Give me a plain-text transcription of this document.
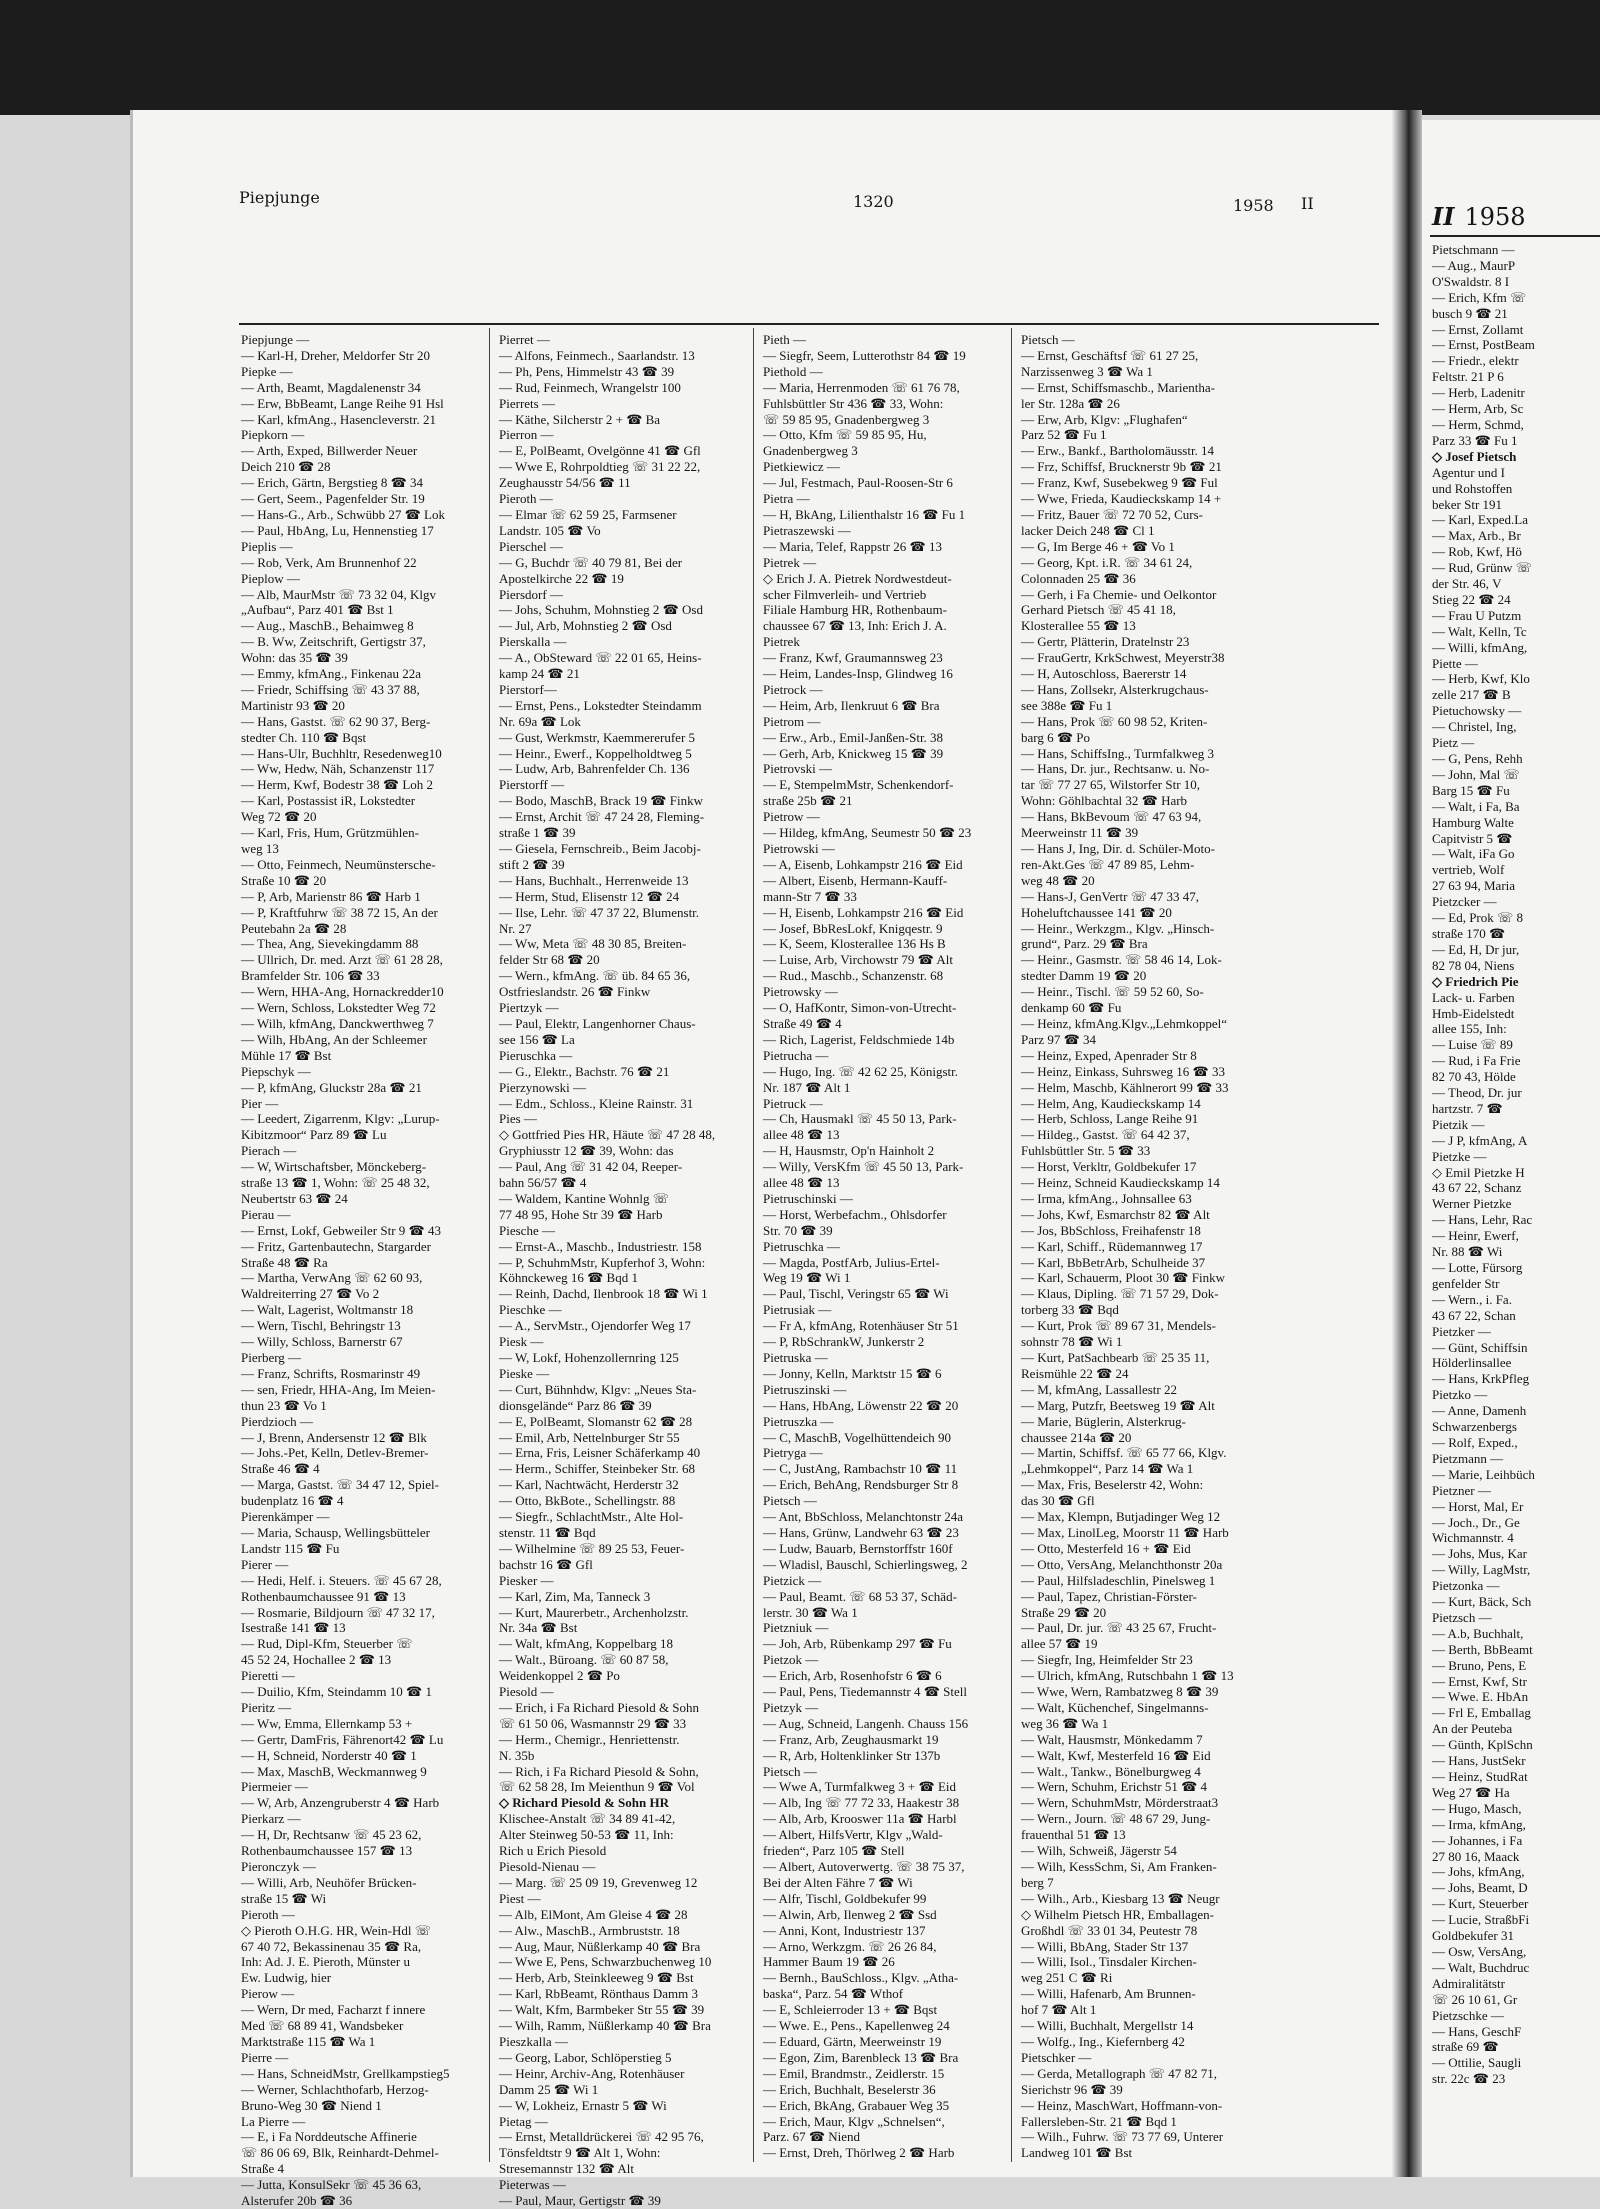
Piepjunge	1320	1958	II
Piepjunge —
— Karl-H, Dreher, Meldorfer Str 20
Piepke —
— Arth, Beamt, Magdalenenstr 34
— Erw, BbBeamt, Lange Reihe 91 Hsl
— Karl, kfmAng., Hasencleverstr. 21
Piepkorn —
— Arth, Exped, Billwerder Neuer
Deich 210 ☎ 28
— Erich, Gärtn, Bergstieg 8 ☎ 34
— Gert, Seem., Pagenfelder Str. 19
— Hans-G., Arb., Schwübb 27 ☎ Lok
— Paul, HbAng, Lu, Hennenstieg 17
Pieplis —
— Rob, Verk, Am Brunnenhof 22
Pieplow —
— Alb, MaurMstr ☏ 73 32 04, Klgv
„Aufbau“, Parz 401 ☎ Bst 1
— Aug., MaschB., Behaimweg 8
— B. Ww, Zeitschrift, Gertigstr 37,
Wohn: das 35 ☎ 39
— Emmy, kfmAng., Finkenau 22a
— Friedr, Schiffsing ☏ 43 37 88,
Martinistr 93 ☎ 20
— Hans, Gastst. ☏ 62 90 37, Berg-
stedter Ch. 110 ☎ Bqst
— Hans-Ulr, Buchhltr, Resedenweg10
— Ww, Hedw, Näh, Schanzenstr 117
— Herm, Kwf, Bodestr 38 ☎ Loh 2
— Karl, Postassist iR, Lokstedter
Weg 72 ☎ 20
— Karl, Fris, Hum, Grützmühlen-
weg 13
— Otto, Feinmech, Neumünstersche-
Straße 10 ☎ 20
— P, Arb, Marienstr 86 ☎ Harb 1
— P, Kraftfuhrw ☏ 38 72 15, An der
Peutebahn 2a ☎ 28
— Thea, Ang, Sievekingdamm 88
— Ullrich, Dr. med. Arzt ☏ 61 28 28,
Bramfelder Str. 106 ☎ 33
— Wern, HHA-Ang, Hornackredder10
— Wern, Schloss, Lokstedter Weg 72
— Wilh, kfmAng, Danckwerthweg 7
— Wilh, HbAng, An der Schleemer
Mühle 17 ☎ Bst
Piepschyk —
— P, kfmAng, Gluckstr 28a ☎ 21
Pier —
— Leedert, Zigarrenm, Klgv: „Lurup-
Kibitzmoor“ Parz 89 ☎ Lu
Pierach —
— W, Wirtschaftsber, Mönckeberg-
straße 13 ☎ 1, Wohn: ☏ 25 48 32,
Neubertstr 63 ☎ 24
Pierau —
— Ernst, Lokf, Gebweiler Str 9 ☎ 43
— Fritz, Gartenbautechn, Stargarder
Straße 48 ☎ Ra
— Martha, VerwAng ☏ 62 60 93,
Waldreiterring 27 ☎ Vo 2
— Walt, Lagerist, Woltmanstr 18
— Wern, Tischl, Behringstr 13
— Willy, Schloss, Barnerstr 67
Pierberg —
— Franz, Schrifts, Rosmarinstr 49
— sen, Friedr, HHA-Ang, Im Meien-
thun 23 ☎ Vo 1
Pierdzioch —
— J, Brenn, Andersenstr 12 ☎ Blk
— Johs.-Pet, Kelln, Detlev-Bremer-
Straße 46 ☎ 4
— Marga, Gastst. ☏ 34 47 12, Spiel-
budenplatz 16 ☎ 4
Pierenkämper —
— Maria, Schausp, Wellingsbütteler
Landstr 115 ☎ Fu
Pierer —
— Hedi, Helf. i. Steuers. ☏ 45 67 28,
Rothenbaumchaussee 91 ☎ 13
— Rosmarie, Bildjourn ☏ 47 32 17,
Isestraße 141 ☎ 13
— Rud, Dipl-Kfm, Steuerber ☏
45 52 24, Hochallee 2 ☎ 13
Pieretti —
— Duilio, Kfm, Steindamm 10 ☎ 1
Pieritz —
— Ww, Emma, Ellernkamp 53 +
— Gertr, DamFris, Fährenort42 ☎ Lu
— H, Schneid, Norderstr 40 ☎ 1
— Max, MaschB, Weckmannweg 9
Piermeier —
— W, Arb, Anzengruberstr 4 ☎ Harb
Pierkarz —
— H, Dr, Rechtsanw ☏ 45 23 62,
Rothenbaumchaussee 157 ☎ 13
Pieronczyk —
— Willi, Arb, Neuhöfer Brücken-
straße 15 ☎ Wi
Pieroth —
◇ Pieroth O.H.G. HR, Wein-Hdl ☏
67 40 72, Bekassinenau 35 ☎ Ra,
Inh: Ad. J. E. Pieroth, Münster u
Ew. Ludwig, hier
Pierow —
— Wern, Dr med, Facharzt f innere
Med ☏ 68 89 41, Wandsbeker
Marktstraße 115 ☎ Wa 1
Pierre —
— Hans, SchneidMstr, Grellkampstieg5
— Werner, Schlachthofarb, Herzog-
Bruno-Weg 30 ☎ Niend 1
La Pierre —
— E, i Fa Norddeutsche Affinerie
☏ 86 06 69, Blk, Reinhardt-Dehmel-
Straße 4
— Jutta, KonsulSekr ☏ 45 36 63,
Alsterufer 20b ☎ 36
Pierret —
— Alfons, Feinmech., Saarlandstr. 13
— Ph, Pens, Himmelstr 43 ☎ 39
— Rud, Feinmech, Wrangelstr 100
Pierrets —
— Käthe, Silcherstr 2 + ☎ Ba
Pierron —
— E, PolBeamt, Ovelgönne 41 ☎ Gfl
— Wwe E, Rohrpoldtieg ☏ 31 22 22,
Zeughausstr 54/56 ☎ 11
Pieroth —
— Elmar ☏ 62 59 25, Farmsener
Landstr. 105 ☎ Vo
Pierschel —
— G, Buchdr ☏ 40 79 81, Bei der
Apostelkirche 22 ☎ 19
Piersdorf —
— Johs, Schuhm, Mohnstieg 2 ☎ Osd
— Jul, Arb, Mohnstieg 2 ☎ Osd
Pierskalla —
— A., ObSteward ☏ 22 01 65, Heins-
kamp 24 ☎ 21
Pierstorf—
— Ernst, Pens., Lokstedter Steindamm
Nr. 69a ☎ Lok
— Gust, Werkmstr, Kaemmererufer 5
— Heinr., Ewerf., Koppelholdtweg 5
— Ludw, Arb, Bahrenfelder Ch. 136
Pierstorff —
— Bodo, MaschB, Brack 19 ☎ Finkw
— Ernst, Archit ☏ 47 24 28, Fleming-
straße 1 ☎ 39
— Giesela, Fernschreib., Beim Jacobj-
stift 2 ☎ 39
— Hans, Buchhalt., Herrenweide 13
— Herm, Stud, Elisenstr 12 ☎ 24
— Ilse, Lehr. ☏ 47 37 22, Blumenstr.
Nr. 27
— Ww, Meta ☏ 48 30 85, Breiten-
felder Str 68 ☎ 20
— Wern., kfmAng. ☏ üb. 84 65 36,
Ostfrieslandstr. 26 ☎ Finkw
Piertzyk —
— Paul, Elektr, Langenhorner Chaus-
see 156 ☎ La
Pieruschka —
— G., Elektr., Bachstr. 76 ☎ 21
Pierzynowski —
— Edm., Schloss., Kleine Rainstr. 31
Pies —
◇ Gottfried Pies HR, Häute ☏ 47 28 48,
Gryphiusstr 12 ☎ 39, Wohn: das
— Paul, Ang ☏ 31 42 04, Reeper-
bahn 56/57 ☎ 4
— Waldem, Kantine Wohnlg ☏
77 48 95, Hohe Str 39 ☎ Harb
Piesche —
— Ernst-A., Maschb., Industriestr. 158
— P, SchuhmMstr, Kupferhof 3, Wohn:
Köhnckeweg 16 ☎ Bqd 1
— Reinh, Dachd, Ilenbrook 18 ☎ Wi 1
Pieschke —
— A., ServMstr., Ojendorfer Weg 17
Piesk —
— W, Lokf, Hohenzollernring 125
Pieske —
— Curt, Bühnhdw, Klgv: „Neues Sta-
dionsgelände“ Parz 86 ☎ 39
— E, PolBeamt, Slomanstr 62 ☎ 28
— Emil, Arb, Nettelnburger Str 55
— Erna, Fris, Leisner Schäferkamp 40
— Herm., Schiffer, Steinbeker Str. 68
— Karl, Nachtwächt, Herderstr 32
— Otto, BkBote., Schellingstr. 88
— Siegfr., SchlachtMstr., Alte Hol-
stenstr. 11 ☎ Bqd
— Wilhelmine ☏ 89 25 53, Feuer-
bachstr 16 ☎ Gfl
Piesker —
— Karl, Zim, Ma, Tanneck 3
— Kurt, Maurerbetr., Archenholzstr.
Nr. 34a ☎ Bst
— Walt, kfmAng, Koppelbarg 18
— Walt., Büroang. ☏ 60 87 58,
Weidenkoppel 2 ☎ Po
Piesold —
— Erich, i Fa Richard Piesold & Sohn
☏ 61 50 06, Wasmannstr 29 ☎ 33
— Herm., Chemigr., Henriettenstr.
N. 35b
— Rich, i Fa Richard Piesold & Sohn,
☏ 62 58 28, Im Meienthun 9 ☎ Vol
◇ Richard Piesold & Sohn HR
Klischee-Anstalt ☏ 34 89 41-42,
Alter Steinweg 50-53 ☎ 11, Inh:
Rich u Erich Piesold
Piesold-Nienau —
— Marg. ☏ 25 09 19, Grevenweg 12
Piest —
— Alb, ElMont, Am Gleise 4 ☎ 28
— Alw., MaschB., Armbruststr. 18
— Aug, Maur, Nüßlerkamp 40 ☎ Bra
— Wwe E, Pens, Schwarzbuchenweg 10
— Herb, Arb, Steinkleeweg 9 ☎ Bst
— Karl, RbBeamt, Rönthaus Damm 3
— Walt, Kfm, Barmbeker Str 55 ☎ 39
— Wilh, Ramm, Nüßlerkamp 40 ☎ Bra
Pieszkalla —
— Georg, Labor, Schlöperstieg 5
— Heinr, Archiv-Ang, Rotenhäuser
Damm 25 ☎ Wi 1
— W, Lokheiz, Ernastr 5 ☎ Wi
Pietag —
— Ernst, Metalldrückerei ☏ 42 95 76,
Tönsfeldtstr 9 ☎ Alt 1, Wohn:
Stresemannstr 132 ☎ Alt
Pieterwas —
— Paul, Maur, Gertigstr ☎ 39
Pieth —
— Siegfr, Seem, Lutterothstr 84 ☎ 19
Piethold —
— Maria, Herrenmoden ☏ 61 76 78,
Fuhlsbüttler Str 436 ☎ 33, Wohn:
☏ 59 85 95, Gnadenbergweg 3
— Otto, Kfm ☏ 59 85 95, Hu,
Gnadenbergweg 3
Pietkiewicz —
— Jul, Festmach, Paul-Roosen-Str 6
Pietra —
— H, BkAng, Lilienthalstr 16 ☎ Fu 1
Pietraszewski —
— Maria, Telef, Rappstr 26 ☎ 13
Pietrek —
◇ Erich J. A. Pietrek Nordwestdeut-
scher Filmverleih- und Vertrieb
Filiale Hamburg HR, Rothenbaum-
chaussee 67 ☎ 13, Inh: Erich J. A.
Pietrek
— Franz, Kwf, Graumannsweg 23
— Heim, Landes-Insp, Glindweg 16
Pietrock —
— Heim, Arb, Ilenkruut 6 ☎ Bra
Pietrom —
— Erw., Arb., Emil-Janßen-Str. 38
— Gerh, Arb, Knickweg 15 ☎ 39
Pietrovski —
— E, StempelmMstr, Schenkendorf-
straße 25b ☎ 21
Pietrow —
— Hildeg, kfmAng, Seumestr 50 ☎ 23
Pietrowski —
— A, Eisenb, Lohkampstr 216 ☎ Eid
— Albert, Eisenb, Hermann-Kauff-
mann-Str 7 ☎ 33
— H, Eisenb, Lohkampstr 216 ☎ Eid
— Josef, BbResLokf, Knigqestr. 9
— K, Seem, Klosterallee 136 Hs B
— Luise, Arb, Virchowstr 79 ☎ Alt
— Rud., Maschb., Schanzenstr. 68
Pietrowsky —
— O, HafKontr, Simon-von-Utrecht-
Straße 49 ☎ 4
— Rich, Lagerist, Feldschmiede 14b
Pietrucha —
— Hugo, Ing. ☏ 42 62 25, Königstr.
Nr. 187 ☎ Alt 1
Pietruck —
— Ch, Hausmakl ☏ 45 50 13, Park-
allee 48 ☎ 13
— H, Hausmstr, Op'n Hainholt 2
— Willy, VersKfm ☏ 45 50 13, Park-
allee 48 ☎ 13
Pietruschinski —
— Horst, Werbefachm., Ohlsdorfer
Str. 70 ☎ 39
Pietruschka —
— Magda, PostfArb, Julius-Ertel-
Weg 19 ☎ Wi 1
— Paul, Tischl, Veringstr 65 ☎ Wi
Pietrusiak —
— Fr A, kfmAng, Rotenhäuser Str 51
— P, RbSchrankW, Junkerstr 2
Pietruska —
— Jonny, Kelln, Marktstr 15 ☎ 6
Pietruszinski —
— Hans, HbAng, Löwenstr 22 ☎ 20
Pietruszka —
— C, MaschB, Vogelhüttendeich 90
Pietryga —
— C, JustAng, Rambachstr 10 ☎ 11
— Erich, BehAng, Rendsburger Str 8
Pietsch —
— Ant, BbSchloss, Melanchtonstr 24a
— Hans, Grünw, Landwehr 63 ☎ 23
— Ludw, Bauarb, Bernstorffstr 160f
— Wladisl, Bauschl, Schierlingsweg, 2
Pietzick —
— Paul, Beamt. ☏ 68 53 37, Schäd-
lerstr. 30 ☎ Wa 1
Pietzniuk —
— Joh, Arb, Rübenkamp 297 ☎ Fu
Pietzok —
— Erich, Arb, Rosenhofstr 6 ☎ 6
— Paul, Pens, Tiedemannstr 4 ☎ Stell
Pietzyk —
— Aug, Schneid, Langenh. Chauss 156
— Franz, Arb, Zeughausmarkt 19
— R, Arb, Holtenklinker Str 137b
Pietsch —
— Wwe A, Turmfalkweg 3 + ☎ Eid
— Alb, Ing ☏ 77 72 33, Haakestr 38
— Alb, Arb, Krooswег 11a ☎ Harbl
— Albert, HilfsVertr, Klgv „Wald-
frieden“, Parz 105 ☎ Stell
— Albert, Autoverwertg. ☏ 38 75 37,
Bei der Alten Fähre 7 ☎ Wi
— Alfr, Tischl, Goldbekufer 99
— Alwin, Arb, Ilenweg 2 ☎ Ssd
— Anni, Kont, Industriestr 137
— Arno, Werkzgm. ☏ 26 26 84,
Hammer Baum 19 ☎ 26
— Bernh., BauSchloss., Klgv. „Atha-
baska“, Parz. 54 ☎ Wthof
— E, Schleierroder 13 + ☎ Bqst
— Wwe. E., Pens., Kapellenweg 24
— Eduard, Gärtn, Meerweinstr 19
— Egon, Zim, Barenbleck 13 ☎ Bra
— Emil, Brandmstr., Zeidlerstr. 15
— Erich, Buchhalt, Beselerstr 36
— Erich, BkAng, Grabauer Weg 35
— Erich, Maur, Klgv „Schnelsen“,
Parz. 67 ☎ Niend
— Ernst, Dreh, Thörlweg 2 ☎ Harb
Pietsch —
— Ernst, Geschäftsf ☏ 61 27 25,
Narzissenweg 3 ☎ Wa 1
— Ernst, Schiffsmaschb., Marienthа-
ler Str. 128a ☎ 26
— Erw, Arb, Klgv: „Flughafen“
Parz 52 ☎ Fu 1
— Erw., Bankf., Bartholomäusstr. 14
— Frz, Schiffsf, Brucknerstr 9b ☎ 21
— Franz, Kwf, Susebekweg 9 ☎ Ful
— Wwe, Frieda, Kaudieckskamp 14 +
— Fritz, Bauer ☏ 72 70 52, Curs-
lacker Deich 248 ☎ Cl 1
— G, Im Berge 46 + ☎ Vo 1
— Georg, Kpt. i.R. ☏ 34 61 24,
Colonnaden 25 ☎ 36
— Gerh, i Fa Chemie- und Oelkontor
Gerhard Pietsch ☏ 45 41 18,
Klosterallee 55 ☎ 13
— Gertr, Plätterin, Dratelnstr 23
— FrauGertr, KrkSchwest, Meyerstr38
— H, Autoschloss, Baererstr 14
— Hans, Zollsekr, Alsterkrugchaus-
see 388e ☎ Fu 1
— Hans, Prok ☏ 60 98 52, Kriten-
barg 6 ☎ Po
— Hans, SchiffsIng., Turmfalkweg 3
— Hans, Dr. jur., Rechtsanw. u. No-
tar ☏ 77 27 65, Wilstorfer Str 10,
Wohn: Göhlbachtal 32 ☎ Harb
— Hans, BkBevoum ☏ 47 63 94,
Meerweinstr 11 ☎ 39
— Hans J, Ing, Dir. d. Schüler-Moto-
ren-Akt.Ges ☏ 47 89 85, Lehm-
weg 48 ☎ 20
— Hans-J, GenVertr ☏ 47 33 47,
Hoheluftchaussee 141 ☎ 20
— Heinr., Werkzgm., Klgv. „Hinsch-
grund“, Parz. 29 ☎ Bra
— Heinr., Gasmstr. ☏ 58 46 14, Lok-
stedter Damm 19 ☎ 20
— Heinr., Tischl. ☏ 59 52 60, So-
denkamp 60 ☎ Fu
— Heinz, kfmAng.Klgv.„Lehmkoppel“
Parz 97 ☎ 34
— Heinz, Exped, Apenrader Str 8
— Heinz, Einkass, Suhrsweg 16 ☎ 33
— Helm, Maschb, Kählnerort 99 ☎ 33
— Helm, Ang, Kaudieckskamp 14
— Herb, Schloss, Lange Reihe 91
— Hildeg., Gastst. ☏ 64 42 37,
Fuhlsbüttler Str. 5 ☎ 33
— Horst, Verkltr, Goldbekufer 17
— Heinz, Schneid Kaudieckskamp 14
— Irma, kfmAng., Johnsallee 63
— Johs, Kwf, Esmarchstr 82 ☎ Alt
— Jos, BbSchloss, Freihafenstr 18
— Karl, Schiff., Rüdemannweg 17
— Karl, BbBetrArb, Schulheide 37
— Karl, Schauerm, Ploot 30 ☎ Finkw
— Klaus, Dipling. ☏ 71 57 29, Dok-
torberg 33 ☎ Bqd
— Kurt, Prok ☏ 89 67 31, Mendels-
sohnstr 78 ☎ Wi 1
— Kurt, PatSachbearb ☏ 25 35 11,
Reismühle 22 ☎ 24
— M, kfmAng, Lassallestr 22
— Marg, Putzfr, Beetsweg 19 ☎ Alt
— Marie, Büglerin, Alsterkrug-
chaussee 214a ☎ 20
— Martin, Schiffsf. ☏ 65 77 66, Klgv.
„Lehmkoppel“, Parz 14 ☎ Wa 1
— Max, Fris, Beselerstr 42, Wohn:
das 30 ☎ Gfl
— Max, Klempn, Butjadinger Weg 12
— Max, LinolLeg, Moorstr 11 ☎ Harb
— Otto, Mesterfeld 16 + ☎ Eid
— Otto, VersAng, Melanchthonstr 20a
— Paul, Hilfsladeschlin, Pinelsweg 1
— Paul, Tapez, Christian-Förster-
Straße 29 ☎ 20
— Paul, Dr. jur. ☏ 43 25 67, Frucht-
allee 57 ☎ 19
— Siegfr, Ing, Heimfelder Str 23
— Ulrich, kfmAng, Rutschbahn 1 ☎ 13
— Wwe, Wern, Rambatzweg 8 ☎ 39
— Walt, Küchenchef, Singelmanns-
weg 36 ☎ Wa 1
— Walt, Hausmstr, Mönkedamm 7
— Walt, Kwf, Mesterfeld 16 ☎ Eid
— Walt., Tankw., Bönelburgweg 4
— Wern, Schuhm, Erichstr 51 ☎ 4
— Wern, SchuhmMstr, Mörderstraat3
— Wern., Journ. ☏ 48 67 29, Jung-
frauenthal 51 ☎ 13
— Wilh, Schweiß, Jägerstr 54
— Wilh, KessSchm, Si, Am Franken-
berg 7
— Wilh., Arb., Kiesbarg 13 ☎ Neugr
◇ Wilhelm Pietsch HR, Emballagen-
Großhdl ☏ 33 01 34, Peutestr 78
— Willi, BbAng, Stader Str 137
— Willi, Isol., Tinsdaler Kirchen-
weg 251 C ☎ Ri
— Willi, Hafenarb, Am Brunnen-
hof 7 ☎ Alt 1
— Willi, Buchhalt, Mergellstr 14
— Wolfg., Ing., Kiefernberg 42
Pietschker —
— Gerda, Metallograph ☏ 47 82 71,
Sierichstr 96 ☎ 39
— Heinz, MaschWart, Hoffmann-von-
Fallersleben-Str. 21 ☎ Bqd 1
— Wilh., Fuhrw. ☏ 73 77 69, Unterer
Landweg 101 ☎ Bst
II 1958
Pietschmann —
— Aug., MaurP
O'Swaldstr. 8 I
— Erich, Kfm ☏
busch 9 ☎ 21
— Ernst, Zollamt
— Ernst, PostBeam
— Friedr., elektr
Feltstr. 21 P 6
— Herb, Ladenitr
— Herm, Arb, Sc
— Herm, Schmd,
Parz 33 ☎ Fu 1
◇ Josef Pietsch
Agentur und I
und Rohstoffen
beker Str 191
— Karl, Exped.La
— Max, Arb., Br
— Rob, Kwf, Hö
— Rud, Grünw ☏
der Str. 46, V
Stieg 22 ☎ 24
— Frau U Putzm
— Walt, Kelln, Tc
— Willi, kfmAng,
Piette —
— Herb, Kwf, Klo
zelle 217 ☎ B
Pietuchowsky —
— Christel, Ing,
Pietz —
— G, Pens, Rehh
— John, Mal ☏
Barg 15 ☎ Fu
— Walt, i Fa, Ba
Hamburg Walte
Capitvistr 5 ☎
— Walt, iFa Go
vertrieb, Wolf
27 63 94, Maria
Pietzcker —
— Ed, Prok ☏ 8
straße 170 ☎
— Ed, H, Dr jur,
82 78 04, Niens
◇ Friedrich Pie
Lack- u. Farben
Hmb-Eidelstedt
allee 155, Inh:
— Luise ☏ 89
— Rud, i Fa Frie
82 70 43, Hölde
— Theod, Dr. jur
hartzstr. 7 ☎
Pietzik —
— J P, kfmAng, A
Pietzke —
◇ Emil Pietzke H
43 67 22, Schanz
Werner Pietzke
— Hans, Lehr, Rac
— Heinr, Ewerf,
Nr. 88 ☎ Wi
— Lotte, Fürsorg
genfelder Str
— Wern., i. Fa.
43 67 22, Schan
Pietzker —
— Günt, Schiffsin
Hölderlinsallee
— Hans, KrkPfleg
Pietzko —
— Anne, Damenh
Schwarzenbergs
— Rolf, Exped.,
Pietzmann —
— Marie, Leihbüch
Pietzner —
— Horst, Mal, Er
— Joch., Dr., Ge
Wichmannstr. 4
— Johs, Mus, Kar
— Willy, LagMstr,
Pietzonka —
— Kurt, Bäck, Sch
Pietzsch —
— A.b, Buchhalt,
— Berth, BbBeamt
— Bruno, Pens, E
— Ernst, Kwf, Str
— Wwe. E. HbAn
— Frl E, Emballag
An der Peuteba
— Günth, KplSchn
— Hans, JustSekr
— Heinz, StudRat
Weg 27 ☎ Ha
— Hugo, Masch,
— Irma, kfmAng,
— Johannes, i Fa
27 80 16, Maack
— Johs, kfmAng,
— Johs, Beamt, D
— Kurt, Steuerber
— Lucie, StraßbFi
Goldbekufer 31
— Osw, VersAng,
— Walt, Buchdruc
Admiralitätstr
☏ 26 10 61, Gr
Pietzschke —
— Hans, GeschF
straße 69 ☎
— Ottilie, Sauglі
str. 22c ☎ 23
